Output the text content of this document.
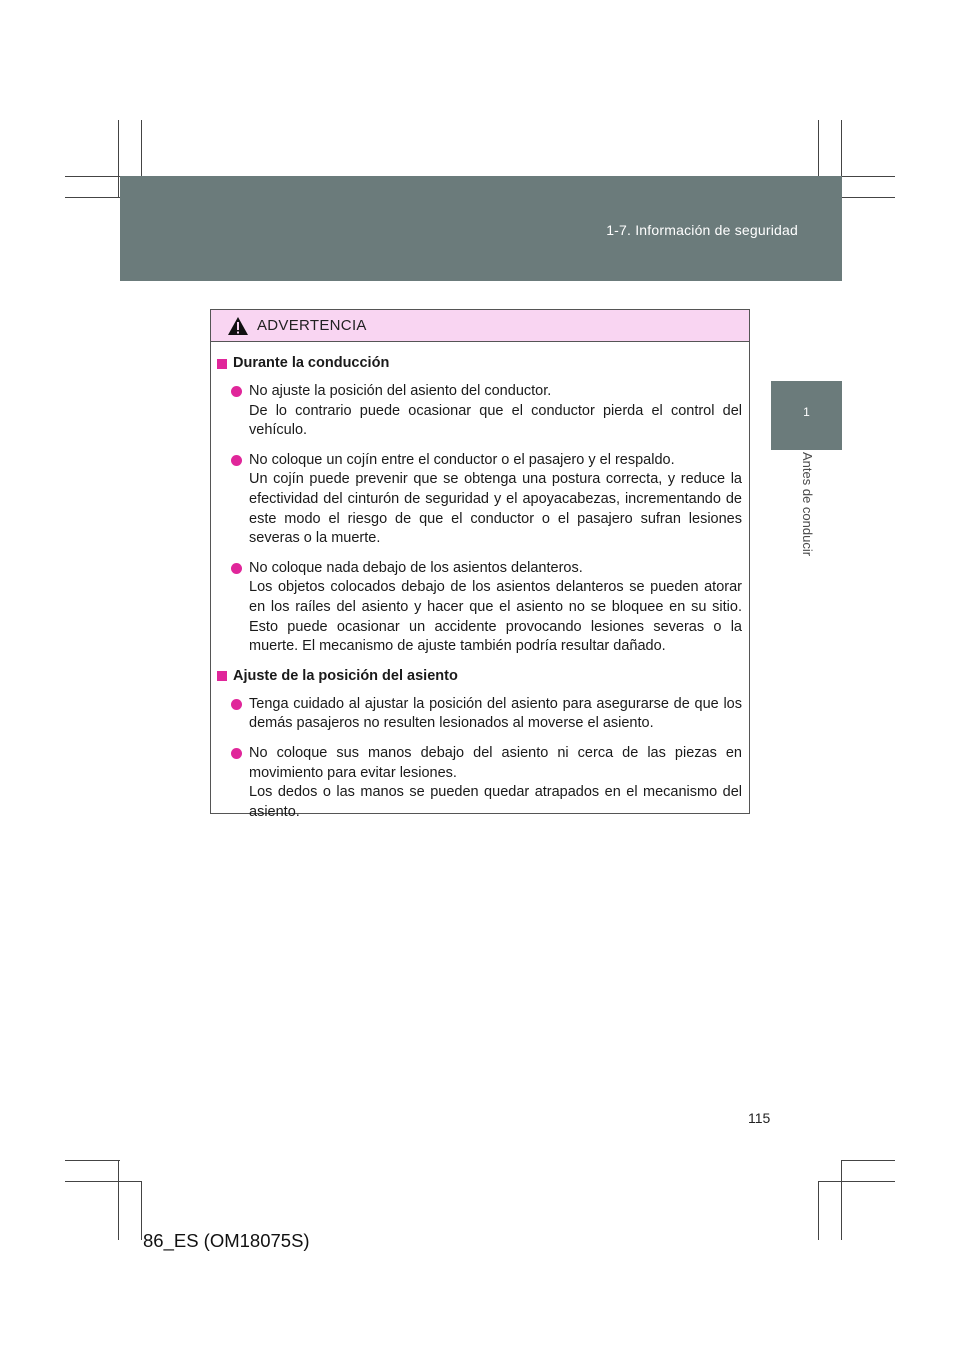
1-7. Información de seguridad
1
Antes de conducir
ADVERTENCIA
Durante la conducción

No ajuste la posición del asiento del conductor.

De lo contrario puede ocasionar que el conductor pierda el control del vehículo.

No coloque un cojín entre el conductor o el pasajero y el respaldo.

Un cojín puede prevenir que se obtenga una postura correcta, y reduce la efectividad del cinturón de seguridad y el apoyacabezas, incrementando de este modo el riesgo de que el conductor o el pasajero sufran lesiones severas o la muerte.

No coloque nada debajo de los asientos delanteros.

Los objetos colocados debajo de los asientos delanteros se pueden atorar en los raíles del asiento y hacer que el asiento no se bloquee en su sitio. Esto puede ocasionar un accidente provocando lesiones severas o la muerte. El mecanismo de ajuste también podría resultar dañado.

Ajuste de la posición del asiento

Tenga cuidado al ajustar la posición del asiento para asegurarse de que los demás pasajeros no resulten lesionados al moverse el asiento.

No coloque sus manos debajo del asiento ni cerca de las piezas en movimiento para evitar lesiones.

Los dedos o las manos se pueden quedar atrapados en el mecanismo del asiento.

115
86_ES (OM18075S)
